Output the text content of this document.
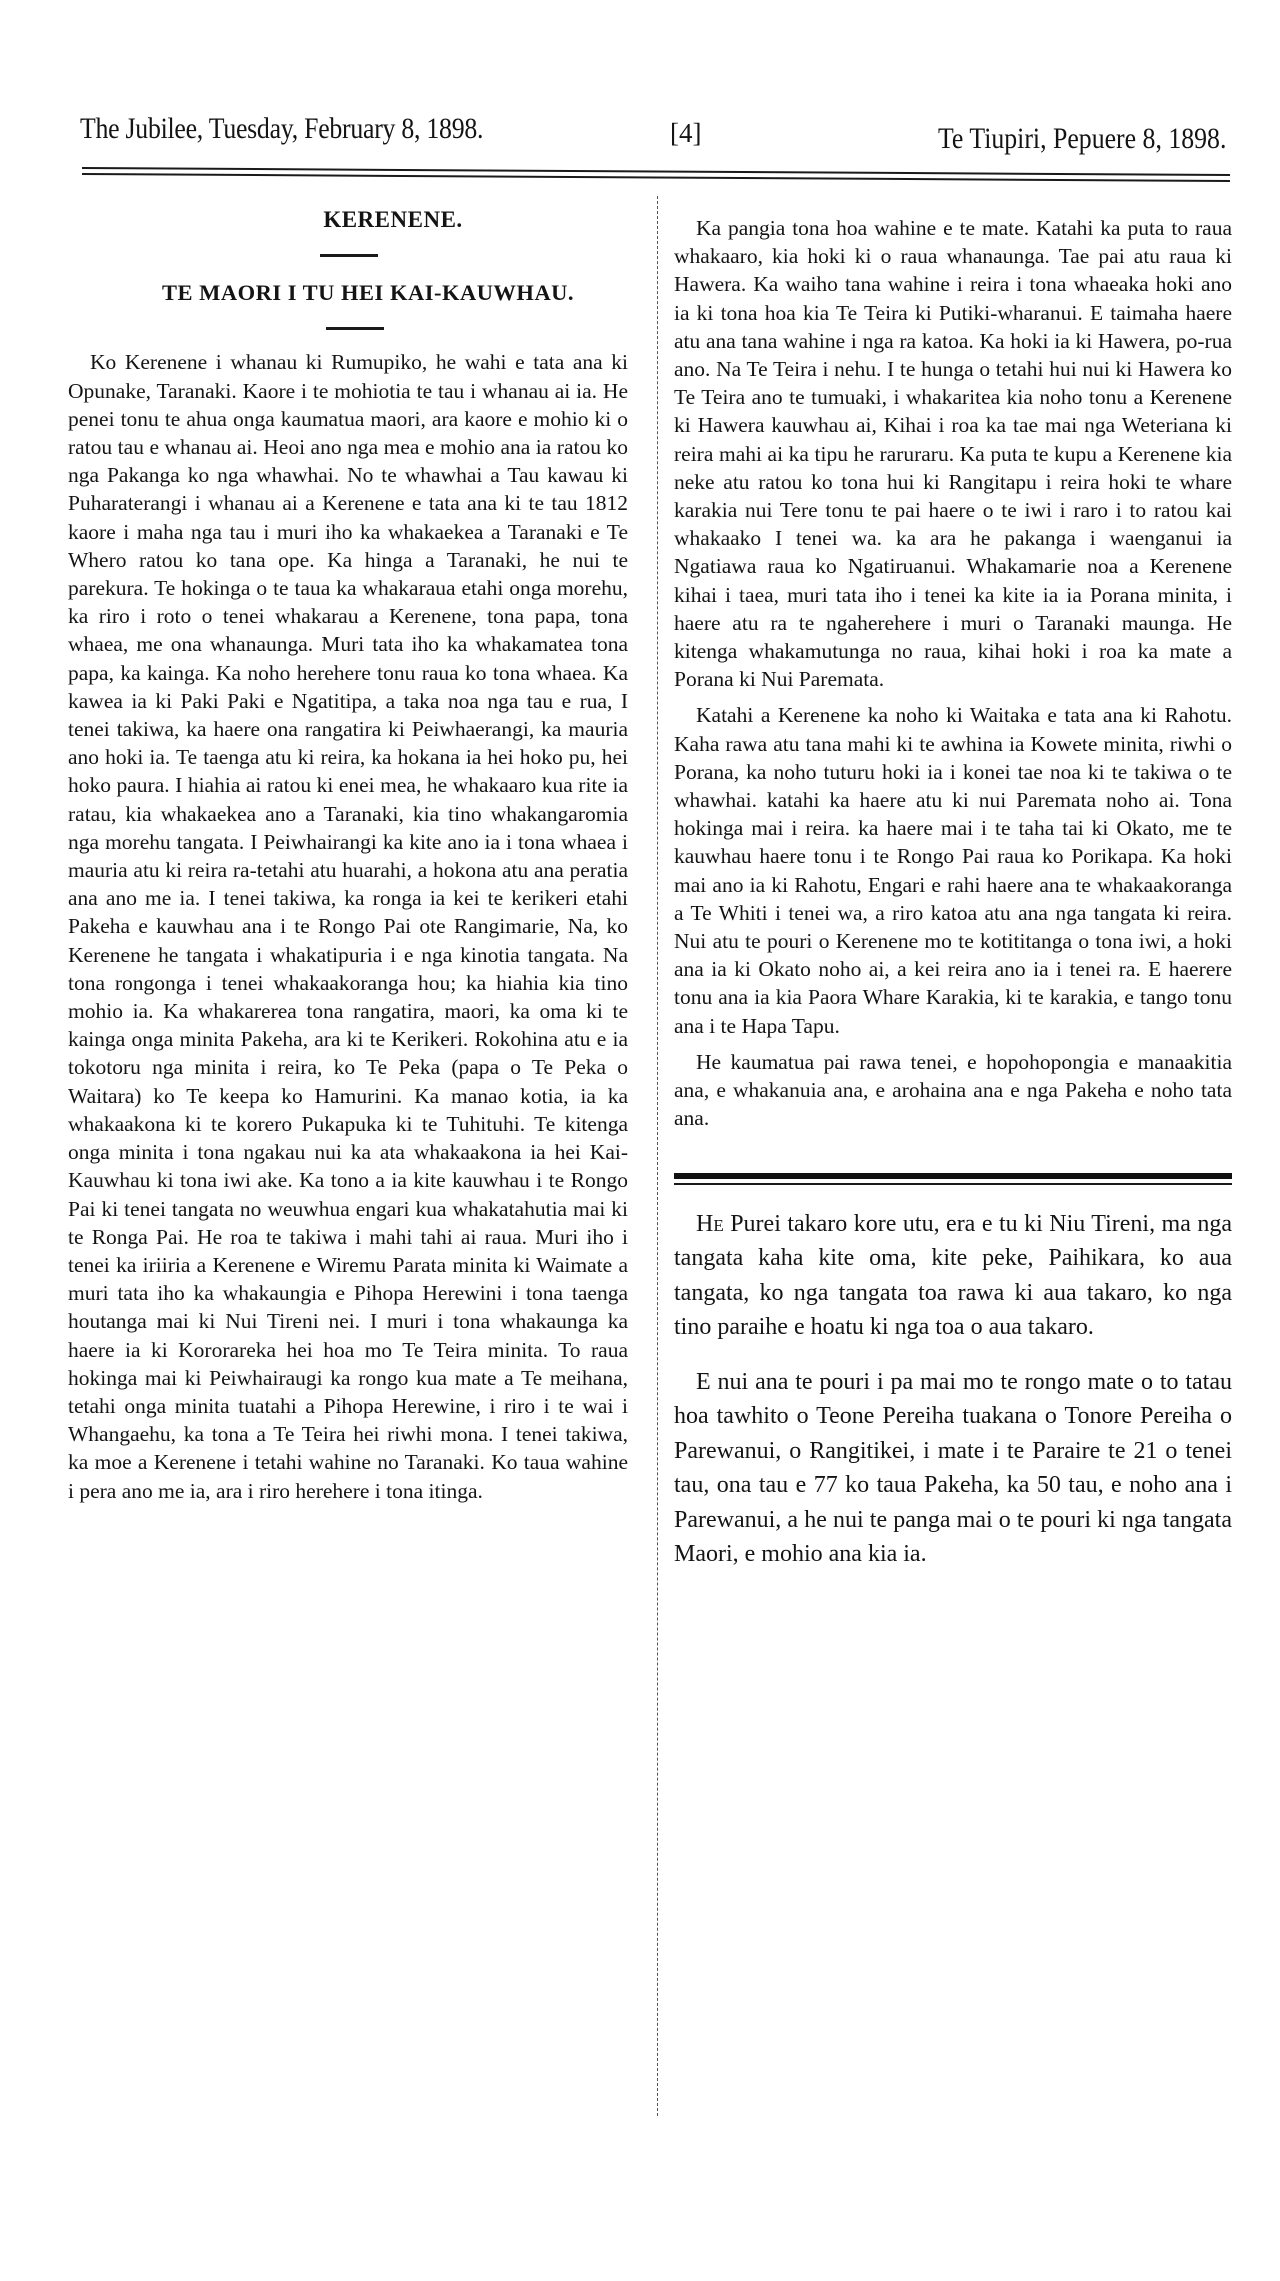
The Jubilee, Tuesday, February 8, 1898.	[4]	Te Tiupiri, Pepuere 8, 1898.
KERENENE.
TE MAORI I TU HEI KAI-KAUWHAU.

Ko Kerenene i whanau ki Rumupiko, he wahi e tata ana ki Opunake, Taranaki. Kaore i te mohiotia te tau i whanau ai ia. He penei tonu te ahua onga kaumatua maori, ara kaore e mohio ki o ratou tau e whanau ai. Heoi ano nga mea e mohio ana ia ratou ko nga Pakanga ko nga whawhai. No te whawhai a Tau kawau ki Puharaterangi i whanau ai a Kerenene e tata ana ki te tau 1812 kaore i maha nga tau i muri iho ka whakaekea a Taranaki e Te Whero ratou ko tana ope. Ka hinga a Taranaki, he nui te parekura. Te hokinga o te taua ka whakaraua etahi onga morehu, ka riro i roto o tenei whakarau a Kerenene, tona papa, tona whaea, me ona whanaunga. Muri tata iho ka whakamatea tona papa, ka kainga. Ka noho herehere tonu raua ko tona whaea. Ka kawea ia ki Paki Paki e Ngatitipa, a taka noa nga tau e rua, I tenei takiwa, ka haere ona rangatira ki Peiwhaerangi, ka mauria ano hoki ia. Te taenga atu ki reira, ka hokana ia hei hoko pu, hei hoko paura. I hiahia ai ratou ki enei mea, he whakaaro kua rite ia ratau, kia whakaekea ano a Taranaki, kia tino whakangaromia nga morehu tangata. I Peiwhairangi ka kite ano ia i tona whaea i mauria atu ki reira ra-tetahi atu huarahi, a hokona atu ana peratia ana ano me ia. I tenei takiwa, ka ronga ia kei te kerikeri etahi Pakeha e kauwhau ana i te Rongo Pai ote Rangimarie, Na, ko Kerenene he tangata i whakatipuria i e nga kinotia tangata. Na tona rongonga i tenei whakaakoranga hou; ka hiahia kia tino mohio ia. Ka whakarerea tona rangatira, maori, ka oma ki te kainga onga minita Pakeha, ara ki te Kerikeri. Rokohina atu e ia tokotoru nga minita i reira, ko Te Peka (papa o Te Peka o Waitara) ko Te keepa ko Hamurini. Ka manao kotia, ia ka whakaakona ki te korero Pukapuka ki te Tuhituhi. Te kitenga onga minita i tona ngakau nui ka ata whakaakona ia hei Kai-Kauwhau ki tona iwi ake. Ka tono a ia kite kauwhau i te Rongo Pai ki tenei tangata no weuwhua engari kua whakatahutia mai ki te Ronga Pai. He roa te takiwa i mahi tahi ai raua. Muri iho i tenei ka iriiria a Kerenene e Wiremu Parata minita ki Waimate a muri tata iho ka whakaungia e Pihopa Herewini i tona taenga houtanga mai ki Nui Tireni nei. I muri i tona whakaunga ka haere ia ki Kororareka hei hoa mo Te Teira minita. To raua hokinga mai ki Peiwhairaugi ka rongo kua mate a Te meihana, tetahi onga minita tuatahi a Pihopa Herewine, i riro i te wai i Whangaehu, ka tona a Te Teira hei riwhi mona. I tenei takiwa, ka moe a Kerenene i tetahi wahine no Taranaki. Ko taua wahine i pera ano me ia, ara i riro herehere i tona itinga.

Ka pangia tona hoa wahine e te mate. Katahi ka puta to raua whakaaro, kia hoki ki o raua whanaunga. Tae pai atu raua ki Hawera. Ka waiho tana wahine i reira i tona whaeaka hoki ano ia ki tona hoa kia Te Teira ki Putiki-wharanui. E taimaha haere atu ana tana wahine i nga ra katoa. Ka hoki ia ki Hawera, po-rua ano. Na Te Teira i nehu. I te hunga o tetahi hui nui ki Hawera ko Te Teira ano te tumuaki, i whakaritea kia noho tonu a Kerenene ki Hawera kauwhau ai, Kihai i roa ka tae mai nga Weteriana ki reira mahi ai ka tipu he raruraru. Ka puta te kupu a Kerenene kia neke atu ratou ko tona hui ki Rangitapu i reira hoki te whare karakia nui Tere tonu te pai haere o te iwi i raro i to ratou kai whakaako I tenei wa. ka ara he pakanga i waenganui ia Ngatiawa raua ko Ngatiruanui. Whakamarie noa a Kerenene kihai i taea, muri tata iho i tenei ka kite ia ia Porana minita, i haere atu ra te ngaherehere i muri o Taranaki maunga. He kitenga whakamutunga no raua, kihai hoki i roa ka mate a Porana ki Nui Paremata.

Katahi a Kerenene ka noho ki Waitaka e tata ana ki Rahotu. Kaha rawa atu tana mahi ki te awhina ia Kowete minita, riwhi o Porana, ka noho tuturu hoki ia i konei tae noa ki te takiwa o te whawhai. katahi ka haere atu ki nui Paremata noho ai. Tona hokinga mai i reira. ka haere mai i te taha tai ki Okato, me te kauwhau haere tonu i te Rongo Pai raua ko Porikapa. Ka hoki mai ano ia ki Rahotu, Engari e rahi haere ana te whakaakoranga a Te Whiti i tenei wa, a riro katoa atu ana nga tangata ki reira. Nui atu te pouri o Kerenene mo te kotititanga o tona iwi, a hoki ana ia ki Okato noho ai, a kei reira ano ia i tenei ra. E haerere tonu ana ia kia Paora Whare Karakia, ki te karakia, e tango tonu ana i te Hapa Tapu.

He kaumatua pai rawa tenei, e hopohopongia e manaakitia ana, e whakanuia ana, e arohaina ana e nga Pakeha e noho tata ana.

He Purei takaro kore utu, era e tu ki Niu Tireni, ma nga tangata kaha kite oma, kite peke, Paihikara, ko aua tangata, ko nga tangata toa rawa ki aua takaro, ko nga tino paraihe e hoatu ki nga toa o aua takaro.

E nui ana te pouri i pa mai mo te rongo mate o to tatau hoa tawhito o Teone Pereiha tuakana o Tonore Pereiha o Parewanui, o Rangitikei, i mate i te Paraire te 21 o tenei tau, ona tau e 77 ko taua Pakeha, ka 50 tau, e noho ana i Parewanui, a he nui te panga mai o te pouri ki nga tangata Maori, e mohio ana kia ia.
